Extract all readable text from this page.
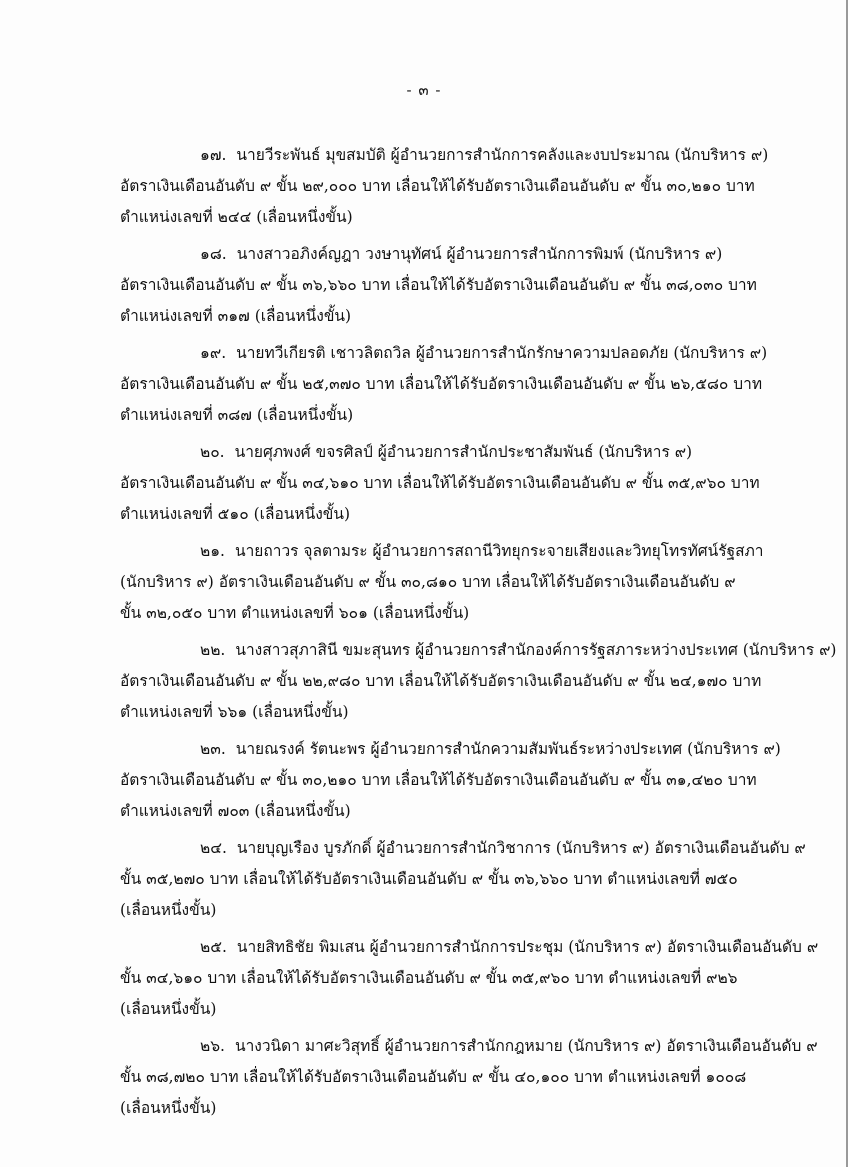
- ๓ -
๑๗. นายวีระพันธ์ มุขสมบัติ ผู้อำนวยการสำนักการคลังและงบประมาณ (นักบริหาร ๙)
อัตราเงินเดือนอันดับ ๙ ขั้น ๒๙,๐๐๐ บาท เลื่อนให้ได้รับอัตราเงินเดือนอันดับ ๙ ขั้น ๓๐,๒๑๐ บาท
ตำแหน่งเลขที่ ๒๔๔ (เลื่อนหนึ่งขั้น)
๑๘. นางสาวอภิงค์ญฎา วงษานุทัศน์ ผู้อำนวยการสำนักการพิมพ์ (นักบริหาร ๙)
อัตราเงินเดือนอันดับ ๙ ขั้น ๓๖,๖๖๐ บาท เลื่อนให้ได้รับอัตราเงินเดือนอันดับ ๙ ขั้น ๓๘,๐๓๐ บาท
ตำแหน่งเลขที่ ๓๑๗ (เลื่อนหนึ่งขั้น)
๑๙. นายทวีเกียรติ เชาวลิตถวิล ผู้อำนวยการสำนักรักษาความปลอดภัย (นักบริหาร ๙)
อัตราเงินเดือนอันดับ ๙ ขั้น ๒๕,๓๗๐ บาท เลื่อนให้ได้รับอัตราเงินเดือนอันดับ ๙ ขั้น ๒๖,๕๘๐ บาท
ตำแหน่งเลขที่ ๓๘๗ (เลื่อนหนึ่งขั้น)
๒๐. นายศุภพงศ์ ขจรศิลป์ ผู้อำนวยการสำนักประชาสัมพันธ์ (นักบริหาร ๙)
อัตราเงินเดือนอันดับ ๙ ขั้น ๓๔,๖๑๐ บาท เลื่อนให้ได้รับอัตราเงินเดือนอันดับ ๙ ขั้น ๓๕,๙๖๐ บาท
ตำแหน่งเลขที่ ๕๑๐ (เลื่อนหนึ่งขั้น)
๒๑. นายถาวร จุลตามระ ผู้อำนวยการสถานีวิทยุกระจายเสียงและวิทยุโทรทัศน์รัฐสภา
(นักบริหาร ๙) อัตราเงินเดือนอันดับ ๙ ขั้น ๓๐,๘๑๐ บาท เลื่อนให้ได้รับอัตราเงินเดือนอันดับ ๙
ขั้น ๓๒,๐๕๐ บาท ตำแหน่งเลขที่ ๖๐๑ (เลื่อนหนึ่งขั้น)
๒๒. นางสาวสุภาสินี ขมะสุนทร ผู้อำนวยการสำนักองค์การรัฐสภาระหว่างประเทศ (นักบริหาร ๙)
อัตราเงินเดือนอันดับ ๙ ขั้น ๒๒,๙๘๐ บาท เลื่อนให้ได้รับอัตราเงินเดือนอันดับ ๙ ขั้น ๒๔,๑๗๐ บาท
ตำแหน่งเลขที่ ๖๖๑ (เลื่อนหนึ่งขั้น)
๒๓. นายณรงค์ รัตนะพร ผู้อำนวยการสำนักความสัมพันธ์ระหว่างประเทศ (นักบริหาร ๙)
อัตราเงินเดือนอันดับ ๙ ขั้น ๓๐,๒๑๐ บาท เลื่อนให้ได้รับอัตราเงินเดือนอันดับ ๙ ขั้น ๓๑,๔๒๐ บาท
ตำแหน่งเลขที่ ๗๐๓ (เลื่อนหนึ่งขั้น)
๒๔. นายบุญเรือง บูรภักดิ์ ผู้อำนวยการสำนักวิชาการ (นักบริหาร ๙) อัตราเงินเดือนอันดับ ๙
ขั้น ๓๕,๒๗๐ บาท เลื่อนให้ได้รับอัตราเงินเดือนอันดับ ๙ ขั้น ๓๖,๖๖๐ บาท ตำแหน่งเลขที่ ๗๕๐
(เลื่อนหนึ่งขั้น)
๒๕. นายสิทธิชัย พิมเสน ผู้อำนวยการสำนักการประชุม (นักบริหาร ๙) อัตราเงินเดือนอันดับ ๙
ขั้น ๓๔,๖๑๐ บาท เลื่อนให้ได้รับอัตราเงินเดือนอันดับ ๙ ขั้น ๓๕,๙๖๐ บาท ตำแหน่งเลขที่ ๙๒๖
(เลื่อนหนึ่งขั้น)
๒๖. นางวนิดา มาศะวิสุทธิ์ ผู้อำนวยการสำนักกฎหมาย (นักบริหาร ๙) อัตราเงินเดือนอันดับ ๙
ขั้น ๓๘,๗๒๐ บาท เลื่อนให้ได้รับอัตราเงินเดือนอันดับ ๙ ขั้น ๔๐,๑๐๐ บาท ตำแหน่งเลขที่ ๑๐๐๘
(เลื่อนหนึ่งขั้น)
